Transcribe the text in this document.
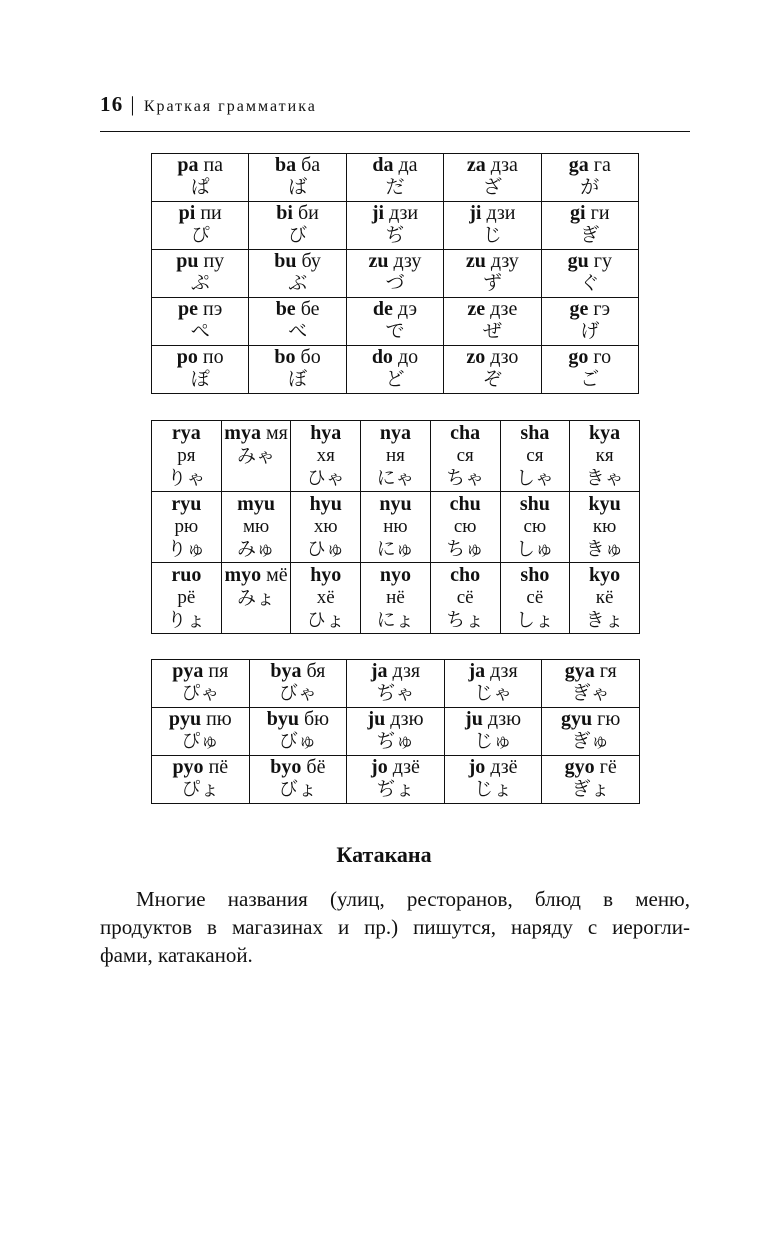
16 | Краткая грамматика
pa па
ぱ	ba ба
ば	da да
だ	za дза
ざ	ga га
が

pi пи
ぴ	bi би
び	ji дзи
ぢ	ji дзи
じ	gi ги
ぎ

pu пу
ぷ	bu бу
ぶ	zu дзу
づ	zu дзу
ず	gu гу
ぐ

pe пэ
ぺ	be бе
べ	de дэ
で	ze дзе
ぜ	ge гэ
げ

po по
ぽ	bo бо
ぼ	do до
ど	zo дзо
ぞ	go го
ご
rya
ря
りゃ	mya мя
みゃ	hya
хя
ひゃ	nya
ня
にゃ	cha
ся
ちゃ	sha
ся
しゃ	kya
кя
きゃ

ryu
рю
りゅ	myu
мю
みゅ	hyu
хю
ひゅ	nyu
ню
にゅ	chu
сю
ちゅ	shu
сю
しゅ	kyu
кю
きゅ

ruo
рё
りょ	myo мё
みょ	hyo
хё
ひょ	nyo
нё
にょ	cho
сё
ちょ	sho
сё
しょ	kyo
кё
きょ
pya пя
ぴゃ	bya бя
びゃ	ja дзя
ぢゃ	ja дзя
じゃ	gya гя
ぎゃ

pyu пю
ぴゅ	byu бю
びゅ	ju дзю
ぢゅ	ju дзю
じゅ	gyu гю
ぎゅ

pyo пё
ぴょ	byo бё
びょ	jo дзё
ぢょ	jo дзё
じょ	gyo гё
ぎょ
Катакана
Многие названия (улиц, ресторанов, блюд в меню,
продуктов в магазинах и пр.) пишутся, наряду с иерогли-
фами, катаканой.
